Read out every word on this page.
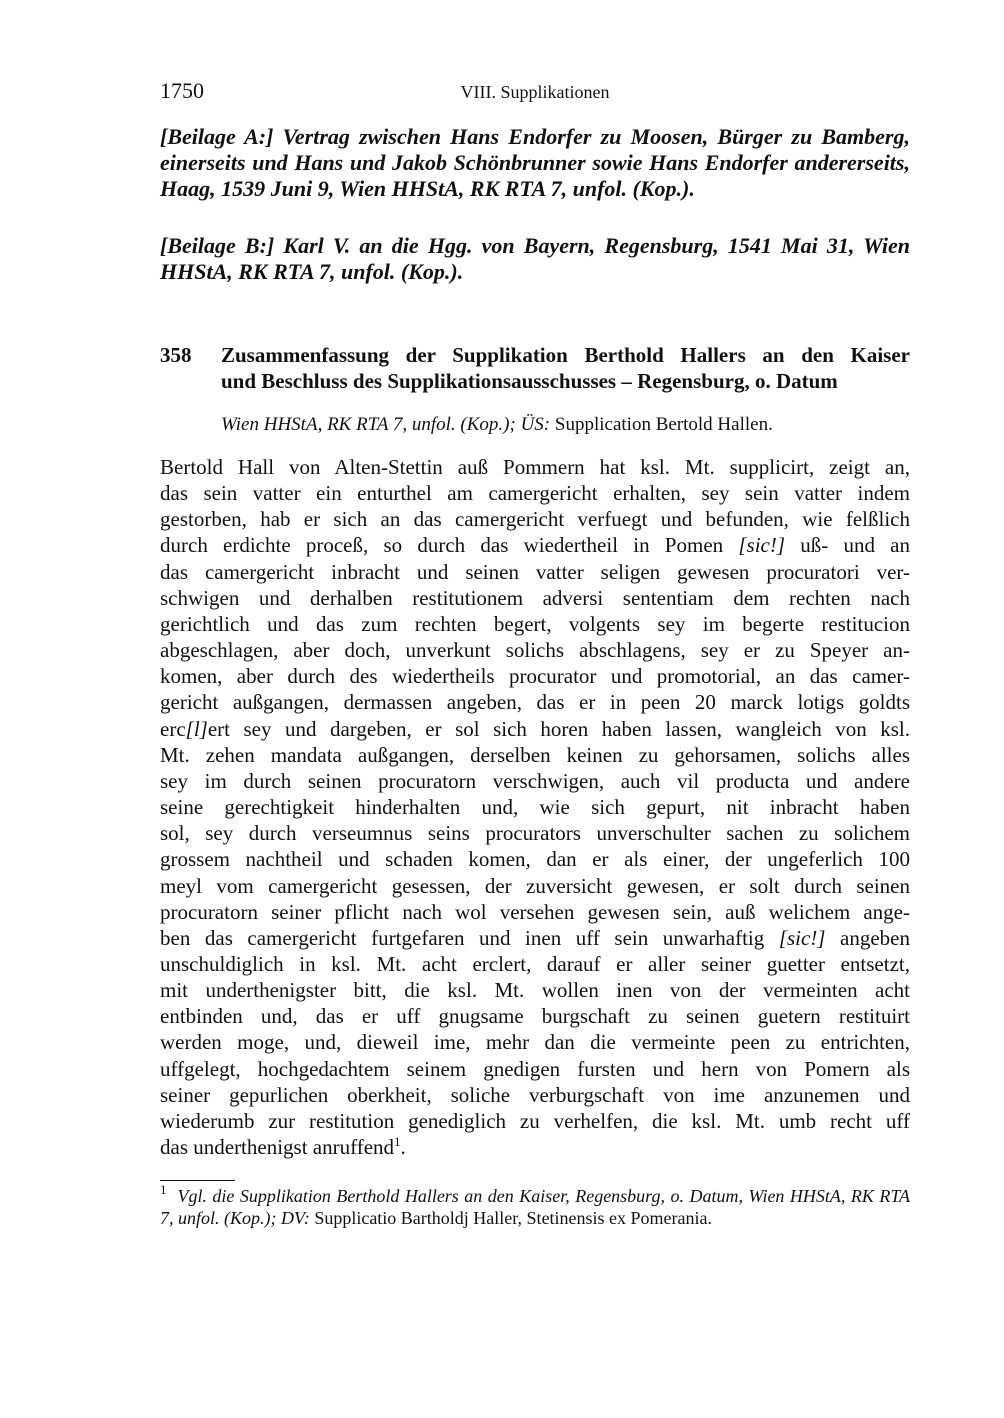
1750	VIII. Supplikationen
[Beilage A:] Vertrag zwischen Hans Endorfer zu Moosen, Bürger zu Bamberg,
einerseits und Hans und Jakob Schönbrunner sowie Hans Endorfer andererseits,
Haag, 1539 Juni 9, Wien HHStA, RK RTA 7, unfol. (Kop.).
[Beilage B:] Karl V. an die Hgg. von Bayern, Regensburg, 1541 Mai 31, Wien
HHStA, RK RTA 7, unfol. (Kop.).
358 Zusammenfassung der Supplikation Berthold Hallers an den Kaiser
und Beschluss des Supplikationsausschusses – Regensburg, o. Datum
Wien HHStA, RK RTA 7, unfol. (Kop.); ÜS: Supplication Bertold Hallen.
Bertold Hall von Alten-Stettin auß Pommern hat ksl. Mt. supplicirt, zeigt an,
das sein vatter ein enturthel am camergericht erhalten, sey sein vatter indem
gestorben, hab er sich an das camergericht verfuegt und befunden, wie felßlich
durch erdichte proceß, so durch das wiedertheil in Pomen [sic!] uß- und an
das camergericht inbracht und seinen vatter seligen gewesen procuratori ver-
schwigen und derhalben restitutionem adversi sententiam dem rechten nach
gerichtlich und das zum rechten begert, volgents sey im begerte restitucion
abgeschlagen, aber doch, unverkunt solichs abschlagens, sey er zu Speyer an-
komen, aber durch des wiedertheils procurator und promotorial, an das camer-
gericht außgangen, dermassen angeben, das er in peen 20 marck lotigs goldts
erc[l]ert sey und dargeben, er sol sich horen haben lassen, wangleich von ksl.
Mt. zehen mandata außgangen, derselben keinen zu gehorsamen, solichs alles
sey im durch seinen procuratorn verschwigen, auch vil producta und andere
seine gerechtigkeit hinderhalten und, wie sich gepurt, nit inbracht haben
sol, sey durch verseumnus seins procurators unverschulter sachen zu solichem
grossem nachtheil und schaden komen, dan er als einer, der ungeferlich 100
meyl vom camergericht gesessen, der zuversicht gewesen, er solt durch seinen
procuratorn seiner pflicht nach wol versehen gewesen sein, auß welichem ange-
ben das camergericht furtgefaren und inen uff sein unwarhaftig [sic!] angeben
unschuldiglich in ksl. Mt. acht erclert, darauf er aller seiner guetter entsetzt,
mit underthenigster bitt, die ksl. Mt. wollen inen von der vermeinten acht
entbinden und, das er uff gnugsame burgschaft zu seinen guetern restituirt
werden moge, und, dieweil ime, mehr dan die vermeinte peen zu entrichten,
uffgelegt, hochgedachtem seinem gnedigen fursten und hern von Pomern als
seiner gepurlichen oberkheit, soliche verburgschaft von ime anzunemen und
wiederumb zur restitution genediglich zu verhelfen, die ksl. Mt. umb recht uff
das underthenigst anruffend$^1$.
$^1$ Vgl. die Supplikation Berthold Hallers an den Kaiser, Regensburg, o. Datum, Wien HHStA, RK RTA 7, unfol. (Kop.); DV: Supplicatio Bartholdj Haller, Stetinensis ex Pomerania.
